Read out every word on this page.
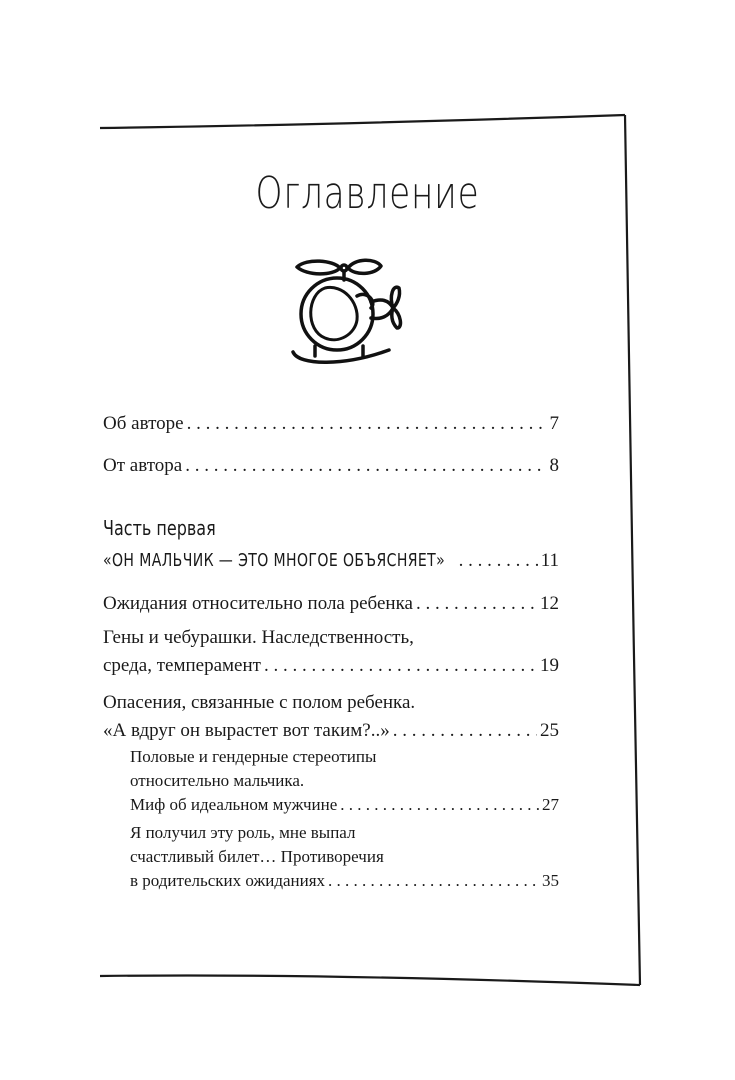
Оглавление
Об авторе . . .	7
От автора . . .	8
Часть первая
«ОН МАЛЬЧИК — ЭТО МНОГОЕ ОБЪЯСНЯЕТ» . . .	11
Ожидания относительно пола ребенка . . .	12
Гены и чебурашки. Наследственность,
среда, темперамент . . .	19
Опасения, связанные с полом ребенка.
«А вдруг он вырастет вот таким?..» . . .	25
Половые и гендерные стереотипы
относительно мальчика.
Миф об идеальном мужчине . . .	27
Я получил эту роль, мне выпал
счастливый билет… Противоречия
в родительских ожиданиях . . .	35
